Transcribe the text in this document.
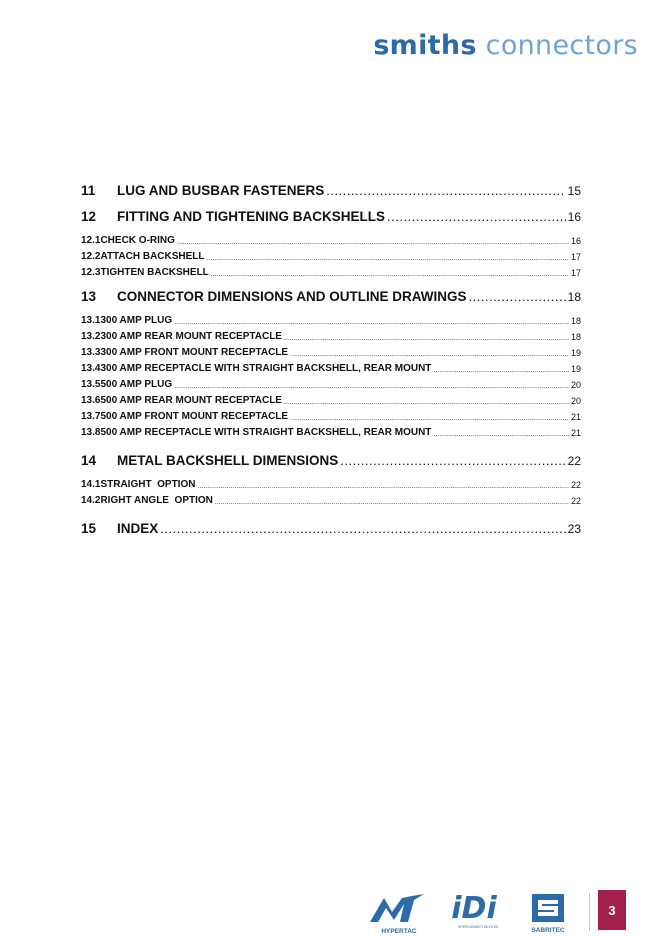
smiths connectors
11	LUG AND BUSBAR FASTENERS .....	15
12	FITTING AND TIGHTENING BACKSHELLS .....	16
12.1CHECK O-RING .....	16
12.2ATTACH BACKSHELL .....	17
12.3TIGHTEN BACKSHELL .....	17
13	CONNECTOR DIMENSIONS AND OUTLINE DRAWINGS .....	18
13.1300 AMP PLUG .....	18
13.2300 AMP REAR MOUNT RECEPTACLE .....	18
13.3300 AMP FRONT MOUNT RECEPTACLE .....	19
13.4300 AMP RECEPTACLE WITH STRAIGHT BACKSHELL, REAR MOUNT .....	19
13.5500 AMP PLUG .....	20
13.6500 AMP REAR MOUNT RECEPTACLE .....	20
13.7500 AMP FRONT MOUNT RECEPTACLE .....	21
13.8500 AMP RECEPTACLE WITH STRAIGHT BACKSHELL, REAR MOUNT .....	21
14	METAL BACKSHELL DIMENSIONS .....	22
14.1STRAIGHT  OPTION .....	22
14.2RIGHT ANGLE  OPTION .....	22
15	INDEX .....	23
HYPERTAC
iDi
INTERCONNECT DEVICES	SABRITEC
3
